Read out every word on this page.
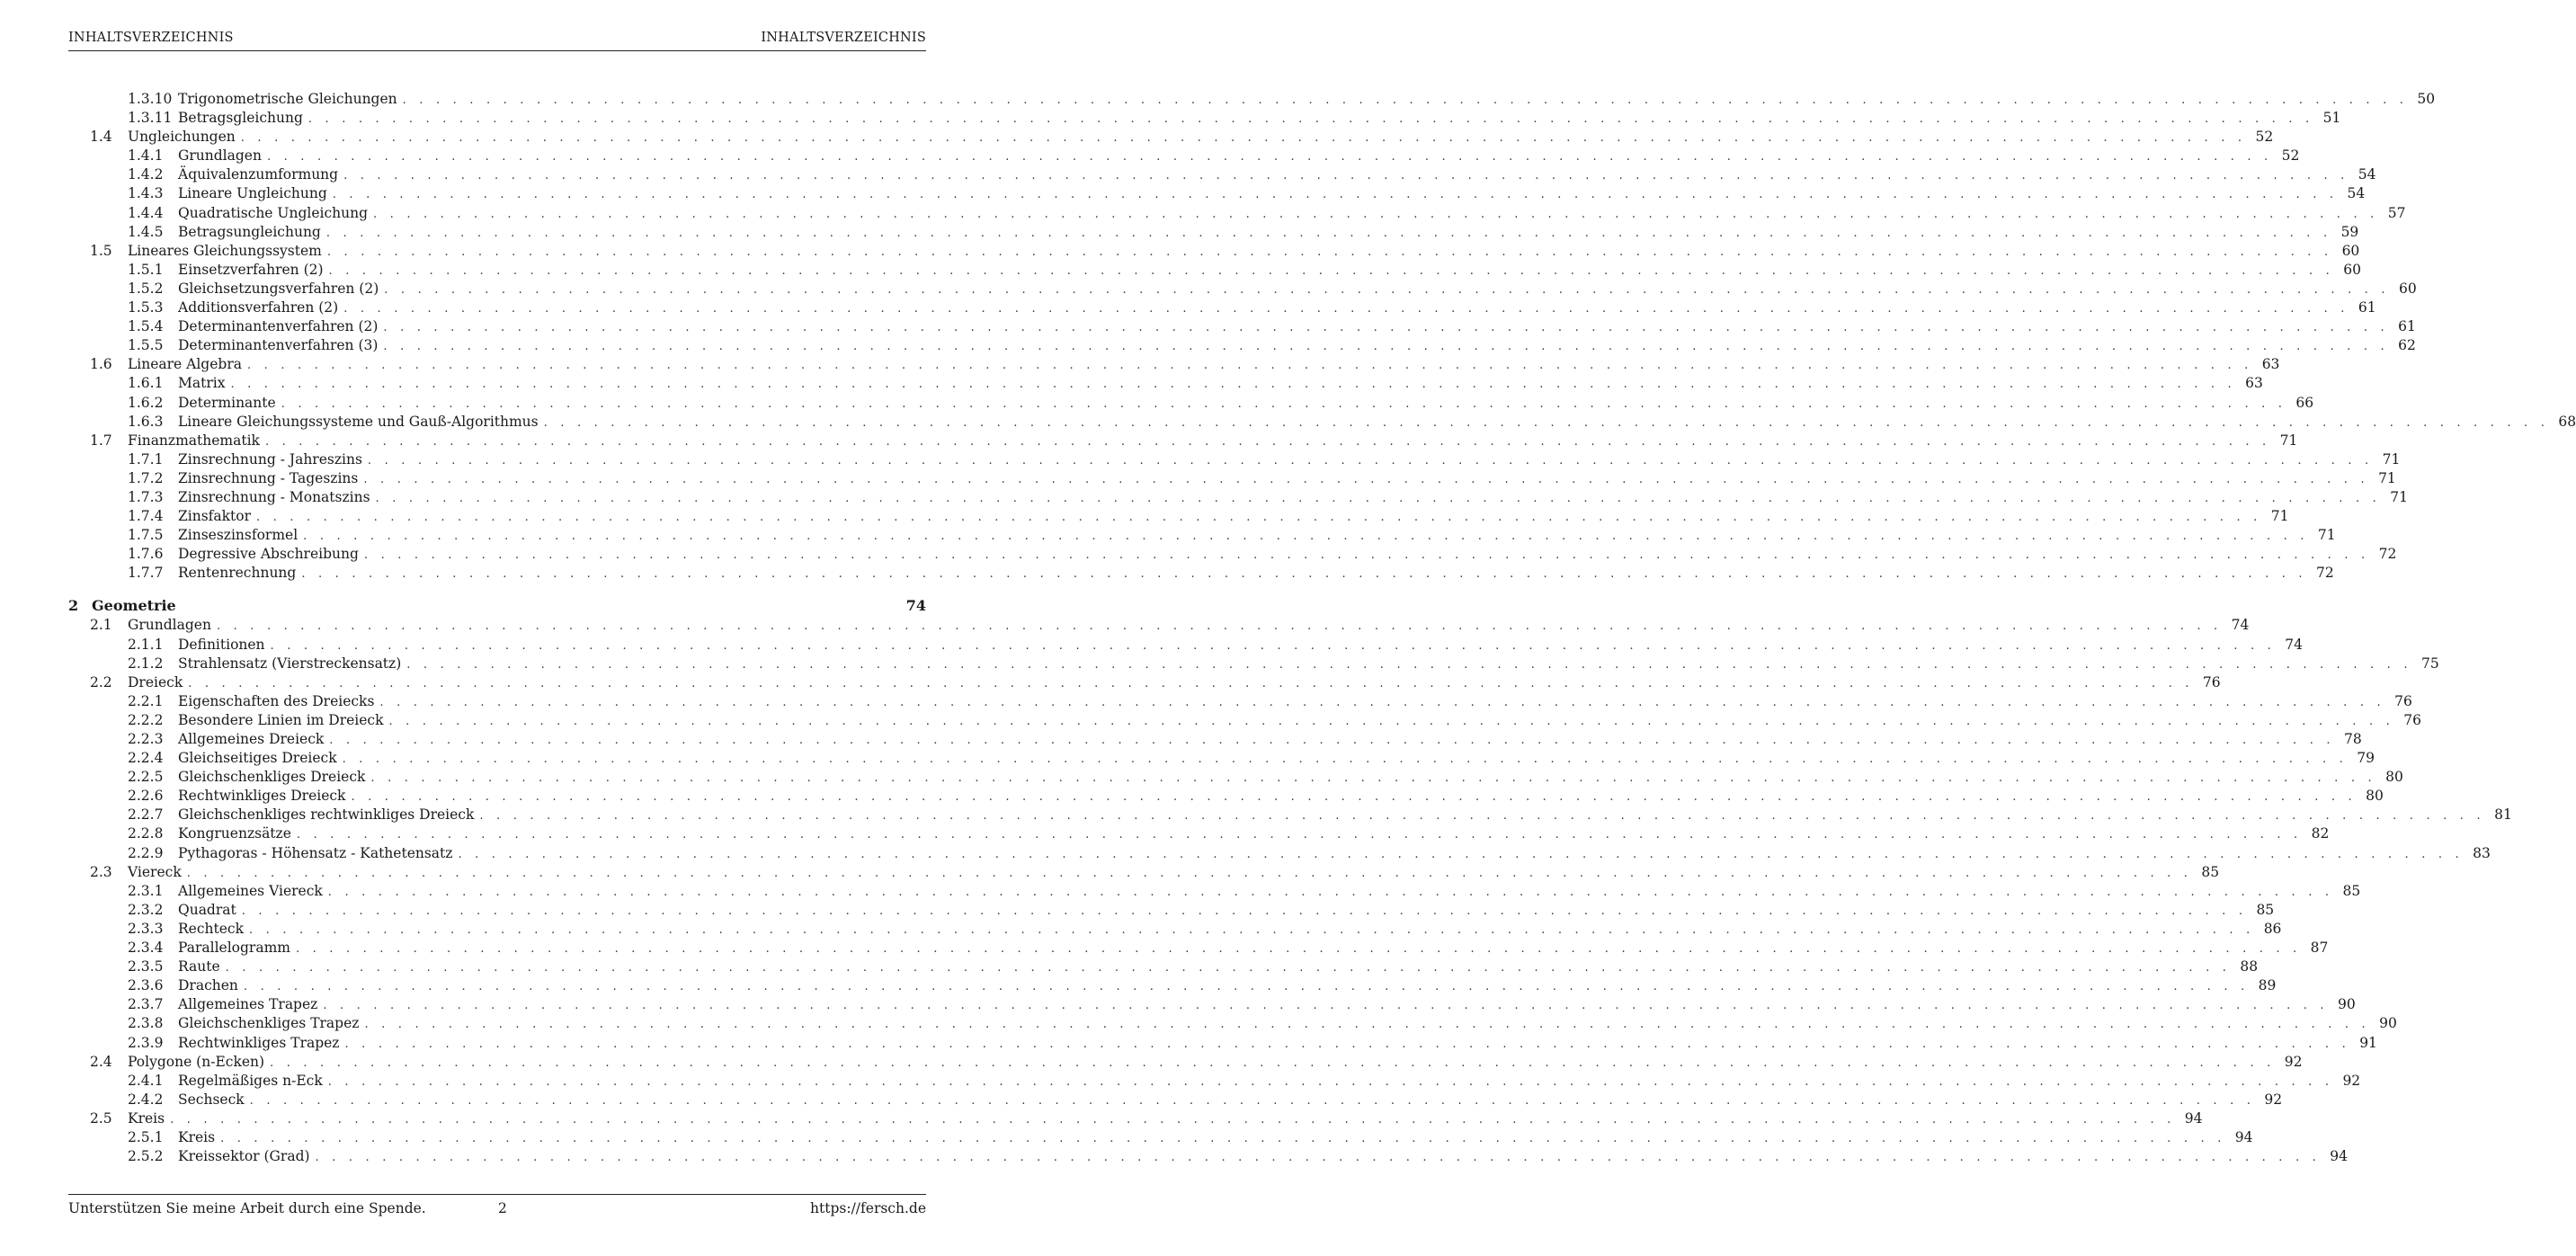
INHALTSVERZEICHNIS	INHALTSVERZEICHNIS
1.3.10 Trigonometrische Gleichungen . . . . . . . . . . . . . . . . . . . . . . . . . . . . . . . . . . . . . . . . . . . . . . . . . . . . . . . . . . . . . . . . . . . . . . . . . . . . . . . . . . . . . . . . . . . . . . . . . . . . . . . . . . . . . . . . . . . . . . . . 50
1.3.11 Betragsgleichung . . . . . . . . . . . . . . . . . . . . . . . . . . . . . . . . . . . . . . . . . . . . . . . . . . . . . . . . . . . . . . . . . . . . . . . . . . . . . . . . . . . . . . . . . . . . . . . . . . . . . . . . . . . . . . . . . . . . . . . . 51
1.4	Ungleichungen . . . . . . . . . . . . . . . . . . . . . . . . . . . . . . . . . . . . . . . . . . . . . . . . . . . . . . . . . . . . . . . . . . . . . . . . . . . . . . . . . . . . . . . . . . . . . . . . . . . . . . . . . . . . . . . . . . . . . . . . 52
1.4.1	Grundlagen . . . . . . . . . . . . . . . . . . . . . . . . . . . . . . . . . . . . . . . . . . . . . . . . . . . . . . . . . . . . . . . . . . . . . . . . . . . . . . . . . . . . . . . . . . . . . . . . . . . . . . . . . . . . . . . . . . . . . . . . 52
1.4.2	Äquivalenzumformung . . . . . . . . . . . . . . . . . . . . . . . . . . . . . . . . . . . . . . . . . . . . . . . . . . . . . . . . . . . . . . . . . . . . . . . . . . . . . . . . . . . . . . . . . . . . . . . . . . . . . . . . . . . . . . . . . . . . . . . . 54
1.4.3	Lineare Ungleichung . . . . . . . . . . . . . . . . . . . . . . . . . . . . . . . . . . . . . . . . . . . . . . . . . . . . . . . . . . . . . . . . . . . . . . . . . . . . . . . . . . . . . . . . . . . . . . . . . . . . . . . . . . . . . . . . . . . . . . . . 54
1.4.4	Quadratische Ungleichung . . . . . . . . . . . . . . . . . . . . . . . . . . . . . . . . . . . . . . . . . . . . . . . . . . . . . . . . . . . . . . . . . . . . . . . . . . . . . . . . . . . . . . . . . . . . . . . . . . . . . . . . . . . . . . . . . . . . . . . . 57
1.4.5	Betragsungleichung . . . . . . . . . . . . . . . . . . . . . . . . . . . . . . . . . . . . . . . . . . . . . . . . . . . . . . . . . . . . . . . . . . . . . . . . . . . . . . . . . . . . . . . . . . . . . . . . . . . . . . . . . . . . . . . . . . . . . . . . 59
1.5	Lineares Gleichungssystem . . . . . . . . . . . . . . . . . . . . . . . . . . . . . . . . . . . . . . . . . . . . . . . . . . . . . . . . . . . . . . . . . . . . . . . . . . . . . . . . . . . . . . . . . . . . . . . . . . . . . . . . . . . . . . . . . . . . . . . . 60
1.5.1	Einsetzverfahren (2) . . . . . . . . . . . . . . . . . . . . . . . . . . . . . . . . . . . . . . . . . . . . . . . . . . . . . . . . . . . . . . . . . . . . . . . . . . . . . . . . . . . . . . . . . . . . . . . . . . . . . . . . . . . . . . . . . . . . . . . . 60
1.5.2	Gleichsetzungsverfahren (2) . . . . . . . . . . . . . . . . . . . . . . . . . . . . . . . . . . . . . . . . . . . . . . . . . . . . . . . . . . . . . . . . . . . . . . . . . . . . . . . . . . . . . . . . . . . . . . . . . . . . . . . . . . . . . . . . . . . . . . . . 60
1.5.3	Additionsverfahren (2) . . . . . . . . . . . . . . . . . . . . . . . . . . . . . . . . . . . . . . . . . . . . . . . . . . . . . . . . . . . . . . . . . . . . . . . . . . . . . . . . . . . . . . . . . . . . . . . . . . . . . . . . . . . . . . . . . . . . . . . . 61
1.5.4	Determinantenverfahren (2) . . . . . . . . . . . . . . . . . . . . . . . . . . . . . . . . . . . . . . . . . . . . . . . . . . . . . . . . . . . . . . . . . . . . . . . . . . . . . . . . . . . . . . . . . . . . . . . . . . . . . . . . . . . . . . . . . . . . . . . . 61
1.5.5	Determinantenverfahren (3) . . . . . . . . . . . . . . . . . . . . . . . . . . . . . . . . . . . . . . . . . . . . . . . . . . . . . . . . . . . . . . . . . . . . . . . . . . . . . . . . . . . . . . . . . . . . . . . . . . . . . . . . . . . . . . . . . . . . . . . . 62
1.6	Lineare Algebra . . . . . . . . . . . . . . . . . . . . . . . . . . . . . . . . . . . . . . . . . . . . . . . . . . . . . . . . . . . . . . . . . . . . . . . . . . . . . . . . . . . . . . . . . . . . . . . . . . . . . . . . . . . . . . . . . . . . . . . . 63
1.6.1	Matrix . . . . . . . . . . . . . . . . . . . . . . . . . . . . . . . . . . . . . . . . . . . . . . . . . . . . . . . . . . . . . . . . . . . . . . . . . . . . . . . . . . . . . . . . . . . . . . . . . . . . . . . . . . . . . . . . . . . . . . . . 63
1.6.2	Determinante . . . . . . . . . . . . . . . . . . . . . . . . . . . . . . . . . . . . . . . . . . . . . . . . . . . . . . . . . . . . . . . . . . . . . . . . . . . . . . . . . . . . . . . . . . . . . . . . . . . . . . . . . . . . . . . . . . . . . . . . 66
1.6.3	Lineare Gleichungssysteme und Gauß-Algorithmus . . . . . . . . . . . . . . . . . . . . . . . . . . . . . . . . . . . . . . . . . . . . . . . . . . . . . . . . . . . . . . . . . . . . . . . . . . . . . . . . . . . . . . . . . . . . . . . . . . . . . . . . . . . . . . . . . . . . . . . . 68
1.7	Finanzmathematik . . . . . . . . . . . . . . . . . . . . . . . . . . . . . . . . . . . . . . . . . . . . . . . . . . . . . . . . . . . . . . . . . . . . . . . . . . . . . . . . . . . . . . . . . . . . . . . . . . . . . . . . . . . . . . . . . . . . . . . . 71
1.7.1	Zinsrechnung - Jahreszins . . . . . . . . . . . . . . . . . . . . . . . . . . . . . . . . . . . . . . . . . . . . . . . . . . . . . . . . . . . . . . . . . . . . . . . . . . . . . . . . . . . . . . . . . . . . . . . . . . . . . . . . . . . . . . . . . . . . . . . . 71
1.7.2	Zinsrechnung - Tageszins . . . . . . . . . . . . . . . . . . . . . . . . . . . . . . . . . . . . . . . . . . . . . . . . . . . . . . . . . . . . . . . . . . . . . . . . . . . . . . . . . . . . . . . . . . . . . . . . . . . . . . . . . . . . . . . . . . . . . . . . 71
1.7.3	Zinsrechnung - Monatszins . . . . . . . . . . . . . . . . . . . . . . . . . . . . . . . . . . . . . . . . . . . . . . . . . . . . . . . . . . . . . . . . . . . . . . . . . . . . . . . . . . . . . . . . . . . . . . . . . . . . . . . . . . . . . . . . . . . . . . . . 71
1.7.4	Zinsfaktor . . . . . . . . . . . . . . . . . . . . . . . . . . . . . . . . . . . . . . . . . . . . . . . . . . . . . . . . . . . . . . . . . . . . . . . . . . . . . . . . . . . . . . . . . . . . . . . . . . . . . . . . . . . . . . . . . . . . . . . . 71
1.7.5	Zinseszinsformel . . . . . . . . . . . . . . . . . . . . . . . . . . . . . . . . . . . . . . . . . . . . . . . . . . . . . . . . . . . . . . . . . . . . . . . . . . . . . . . . . . . . . . . . . . . . . . . . . . . . . . . . . . . . . . . . . . . . . . . . 71
1.7.6	Degressive Abschreibung . . . . . . . . . . . . . . . . . . . . . . . . . . . . . . . . . . . . . . . . . . . . . . . . . . . . . . . . . . . . . . . . . . . . . . . . . . . . . . . . . . . . . . . . . . . . . . . . . . . . . . . . . . . . . . . . . . . . . . . . 72
1.7.7	Rentenrechnung . . . . . . . . . . . . . . . . . . . . . . . . . . . . . . . . . . . . . . . . . . . . . . . . . . . . . . . . . . . . . . . . . . . . . . . . . . . . . . . . . . . . . . . . . . . . . . . . . . . . . . . . . . . . . . . . . . . . . . . . 72
2 Geometrie	74
2.1	Grundlagen . . . . . . . . . . . . . . . . . . . . . . . . . . . . . . . . . . . . . . . . . . . . . . . . . . . . . . . . . . . . . . . . . . . . . . . . . . . . . . . . . . . . . . . . . . . . . . . . . . . . . . . . . . . . . . . . . . . . . . . . 74
2.1.1	Definitionen . . . . . . . . . . . . . . . . . . . . . . . . . . . . . . . . . . . . . . . . . . . . . . . . . . . . . . . . . . . . . . . . . . . . . . . . . . . . . . . . . . . . . . . . . . . . . . . . . . . . . . . . . . . . . . . . . . . . . . . . 74
2.1.2	Strahlensatz (Vierstreckensatz) . . . . . . . . . . . . . . . . . . . . . . . . . . . . . . . . . . . . . . . . . . . . . . . . . . . . . . . . . . . . . . . . . . . . . . . . . . . . . . . . . . . . . . . . . . . . . . . . . . . . . . . . . . . . . . . . . . . . . . . . 75
2.2	Dreieck . . . . . . . . . . . . . . . . . . . . . . . . . . . . . . . . . . . . . . . . . . . . . . . . . . . . . . . . . . . . . . . . . . . . . . . . . . . . . . . . . . . . . . . . . . . . . . . . . . . . . . . . . . . . . . . . . . . . . . . . 76
2.2.1	Eigenschaften des Dreiecks . . . . . . . . . . . . . . . . . . . . . . . . . . . . . . . . . . . . . . . . . . . . . . . . . . . . . . . . . . . . . . . . . . . . . . . . . . . . . . . . . . . . . . . . . . . . . . . . . . . . . . . . . . . . . . . . . . . . . . . . 76
2.2.2	Besondere Linien im Dreieck . . . . . . . . . . . . . . . . . . . . . . . . . . . . . . . . . . . . . . . . . . . . . . . . . . . . . . . . . . . . . . . . . . . . . . . . . . . . . . . . . . . . . . . . . . . . . . . . . . . . . . . . . . . . . . . . . . . . . . . . 76
2.2.3	Allgemeines Dreieck . . . . . . . . . . . . . . . . . . . . . . . . . . . . . . . . . . . . . . . . . . . . . . . . . . . . . . . . . . . . . . . . . . . . . . . . . . . . . . . . . . . . . . . . . . . . . . . . . . . . . . . . . . . . . . . . . . . . . . . . 78
2.2.4	Gleichseitiges Dreieck . . . . . . . . . . . . . . . . . . . . . . . . . . . . . . . . . . . . . . . . . . . . . . . . . . . . . . . . . . . . . . . . . . . . . . . . . . . . . . . . . . . . . . . . . . . . . . . . . . . . . . . . . . . . . . . . . . . . . . . . 79
2.2.5	Gleichschenkliges Dreieck . . . . . . . . . . . . . . . . . . . . . . . . . . . . . . . . . . . . . . . . . . . . . . . . . . . . . . . . . . . . . . . . . . . . . . . . . . . . . . . . . . . . . . . . . . . . . . . . . . . . . . . . . . . . . . . . . . . . . . . . 80
2.2.6	Rechtwinkliges Dreieck . . . . . . . . . . . . . . . . . . . . . . . . . . . . . . . . . . . . . . . . . . . . . . . . . . . . . . . . . . . . . . . . . . . . . . . . . . . . . . . . . . . . . . . . . . . . . . . . . . . . . . . . . . . . . . . . . . . . . . . . 80
2.2.7	Gleichschenkliges rechtwinkliges Dreieck . . . . . . . . . . . . . . . . . . . . . . . . . . . . . . . . . . . . . . . . . . . . . . . . . . . . . . . . . . . . . . . . . . . . . . . . . . . . . . . . . . . . . . . . . . . . . . . . . . . . . . . . . . . . . . . . . . . . . . . . 81
2.2.8	Kongruenzsätze . . . . . . . . . . . . . . . . . . . . . . . . . . . . . . . . . . . . . . . . . . . . . . . . . . . . . . . . . . . . . . . . . . . . . . . . . . . . . . . . . . . . . . . . . . . . . . . . . . . . . . . . . . . . . . . . . . . . . . . . 82
2.2.9	Pythagoras - Höhensatz - Kathetensatz . . . . . . . . . . . . . . . . . . . . . . . . . . . . . . . . . . . . . . . . . . . . . . . . . . . . . . . . . . . . . . . . . . . . . . . . . . . . . . . . . . . . . . . . . . . . . . . . . . . . . . . . . . . . . . . . . . . . . . . . 83
2.3	Viereck . . . . . . . . . . . . . . . . . . . . . . . . . . . . . . . . . . . . . . . . . . . . . . . . . . . . . . . . . . . . . . . . . . . . . . . . . . . . . . . . . . . . . . . . . . . . . . . . . . . . . . . . . . . . . . . . . . . . . . . . 85
2.3.1	Allgemeines Viereck . . . . . . . . . . . . . . . . . . . . . . . . . . . . . . . . . . . . . . . . . . . . . . . . . . . . . . . . . . . . . . . . . . . . . . . . . . . . . . . . . . . . . . . . . . . . . . . . . . . . . . . . . . . . . . . . . . . . . . . . 85
2.3.2	Quadrat . . . . . . . . . . . . . . . . . . . . . . . . . . . . . . . . . . . . . . . . . . . . . . . . . . . . . . . . . . . . . . . . . . . . . . . . . . . . . . . . . . . . . . . . . . . . . . . . . . . . . . . . . . . . . . . . . . . . . . . . 85
2.3.3	Rechteck . . . . . . . . . . . . . . . . . . . . . . . . . . . . . . . . . . . . . . . . . . . . . . . . . . . . . . . . . . . . . . . . . . . . . . . . . . . . . . . . . . . . . . . . . . . . . . . . . . . . . . . . . . . . . . . . . . . . . . . . 86
2.3.4	Parallelogramm . . . . . . . . . . . . . . . . . . . . . . . . . . . . . . . . . . . . . . . . . . . . . . . . . . . . . . . . . . . . . . . . . . . . . . . . . . . . . . . . . . . . . . . . . . . . . . . . . . . . . . . . . . . . . . . . . . . . . . . . 87
2.3.5	Raute . . . . . . . . . . . . . . . . . . . . . . . . . . . . . . . . . . . . . . . . . . . . . . . . . . . . . . . . . . . . . . . . . . . . . . . . . . . . . . . . . . . . . . . . . . . . . . . . . . . . . . . . . . . . . . . . . . . . . . . . 88
2.3.6	Drachen . . . . . . . . . . . . . . . . . . . . . . . . . . . . . . . . . . . . . . . . . . . . . . . . . . . . . . . . . . . . . . . . . . . . . . . . . . . . . . . . . . . . . . . . . . . . . . . . . . . . . . . . . . . . . . . . . . . . . . . . 89
2.3.7	Allgemeines Trapez . . . . . . . . . . . . . . . . . . . . . . . . . . . . . . . . . . . . . . . . . . . . . . . . . . . . . . . . . . . . . . . . . . . . . . . . . . . . . . . . . . . . . . . . . . . . . . . . . . . . . . . . . . . . . . . . . . . . . . . . 90
2.3.8	Gleichschenkliges Trapez . . . . . . . . . . . . . . . . . . . . . . . . . . . . . . . . . . . . . . . . . . . . . . . . . . . . . . . . . . . . . . . . . . . . . . . . . . . . . . . . . . . . . . . . . . . . . . . . . . . . . . . . . . . . . . . . . . . . . . . . 90
2.3.9	Rechtwinkliges Trapez . . . . . . . . . . . . . . . . . . . . . . . . . . . . . . . . . . . . . . . . . . . . . . . . . . . . . . . . . . . . . . . . . . . . . . . . . . . . . . . . . . . . . . . . . . . . . . . . . . . . . . . . . . . . . . . . . . . . . . . . 91
2.4	Polygone (n-Ecken) . . . . . . . . . . . . . . . . . . . . . . . . . . . . . . . . . . . . . . . . . . . . . . . . . . . . . . . . . . . . . . . . . . . . . . . . . . . . . . . . . . . . . . . . . . . . . . . . . . . . . . . . . . . . . . . . . . . . . . . . 92
2.4.1	Regelmäßiges n-Eck . . . . . . . . . . . . . . . . . . . . . . . . . . . . . . . . . . . . . . . . . . . . . . . . . . . . . . . . . . . . . . . . . . . . . . . . . . . . . . . . . . . . . . . . . . . . . . . . . . . . . . . . . . . . . . . . . . . . . . . . 92
2.4.2	Sechseck . . . . . . . . . . . . . . . . . . . . . . . . . . . . . . . . . . . . . . . . . . . . . . . . . . . . . . . . . . . . . . . . . . . . . . . . . . . . . . . . . . . . . . . . . . . . . . . . . . . . . . . . . . . . . . . . . . . . . . . . 92
2.5	Kreis . . . . . . . . . . . . . . . . . . . . . . . . . . . . . . . . . . . . . . . . . . . . . . . . . . . . . . . . . . . . . . . . . . . . . . . . . . . . . . . . . . . . . . . . . . . . . . . . . . . . . . . . . . . . . . . . . . . . . . . . 94
2.5.1	Kreis . . . . . . . . . . . . . . . . . . . . . . . . . . . . . . . . . . . . . . . . . . . . . . . . . . . . . . . . . . . . . . . . . . . . . . . . . . . . . . . . . . . . . . . . . . . . . . . . . . . . . . . . . . . . . . . . . . . . . . . . 94
2.5.2	Kreissektor (Grad) . . . . . . . . . . . . . . . . . . . . . . . . . . . . . . . . . . . . . . . . . . . . . . . . . . . . . . . . . . . . . . . . . . . . . . . . . . . . . . . . . . . . . . . . . . . . . . . . . . . . . . . . . . . . . . . . . . . . . . . . 94
Unterstützen Sie meine Arbeit durch eine Spende.	2	https://fersch.de
